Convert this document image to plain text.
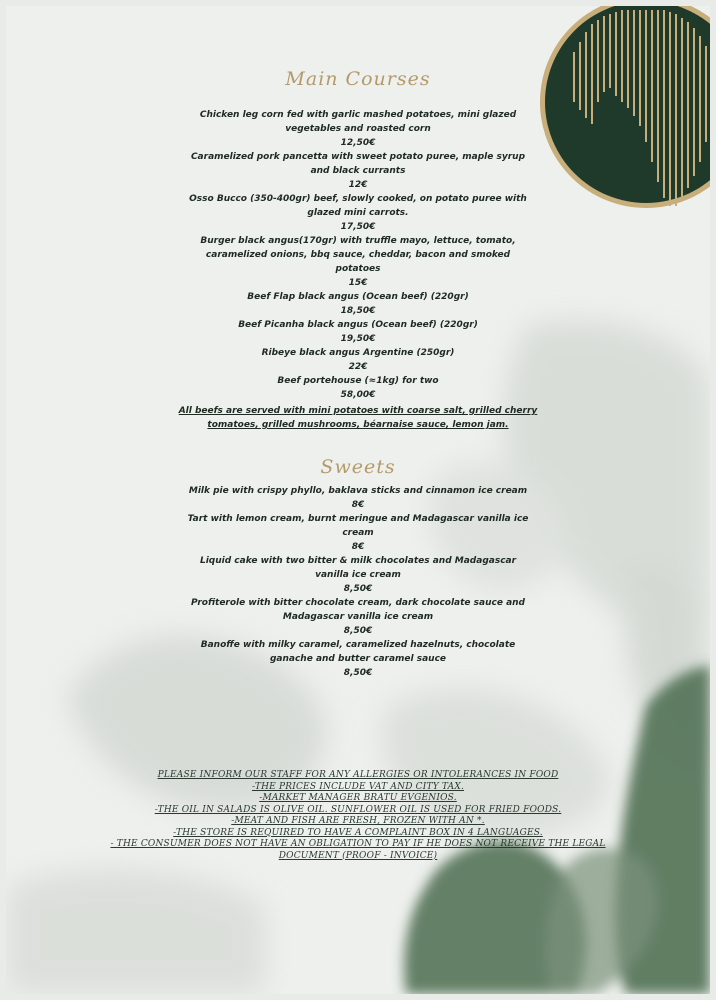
Main Courses
Chicken leg corn fed with garlic mashed potatoes, mini glazed vegetables and roasted corn
12,50€
Caramelized pork pancetta with sweet potato puree, maple syrup and black currants
12€
Osso Bucco (350-400gr) beef, slowly cooked, on potato puree with glazed mini carrots.
17,50€
Burger black angus(170gr) with truffle mayo, lettuce, tomato, caramelized onions, bbq sauce, cheddar, bacon and smoked potatoes
15€
Beef Flap black angus (Ocean beef) (220gr)
18,50€
Beef Picanha black angus (Ocean beef) (220gr)
19,50€
Ribeye black angus Argentine (250gr)
22€
Beef portehouse (≈1kg) for two
58,00€
All beefs are served with mini potatoes with coarse salt, grilled cherry tomatoes, grilled mushrooms, béarnaise sauce, lemon jam.
Sweets
Milk pie with crispy phyllo, baklava sticks and cinnamon ice cream
8€
Tart with lemon cream, burnt meringue and Madagascar vanilla ice cream
8€
Liquid cake with two bitter & milk chocolates and Madagascar vanilla ice cream
8,50€
Profiterole with bitter chocolate cream, dark chocolate sauce and Madagascar vanilla ice cream
8,50€
Banoffe with milky caramel, caramelized hazelnuts, chocolate ganache and butter caramel sauce
8,50€
PLEASE INFORM OUR STAFF FOR ANY ALLERGIES OR INTOLERANCES IN FOOD
-THE PRICES INCLUDE VAT AND CITY TAX.
-MARKET MANAGER BRATU EVGENIOS.
-THE OIL IN SALADS IS OLIVE OIL. SUNFLOWER OIL IS USED FOR FRIED FOODS.
-MEAT AND FISH ARE FRESH, FROZEN WITH AN *.
-THE STORE IS REQUIRED TO HAVE A COMPLAINT BOX IN 4 LANGUAGES.
- THE CONSUMER DOES NOT HAVE AN OBLIGATION TO PAY IF HE DOES NOT RECEIVE THE LEGAL
DOCUMENT (PROOF - INVOICE)
